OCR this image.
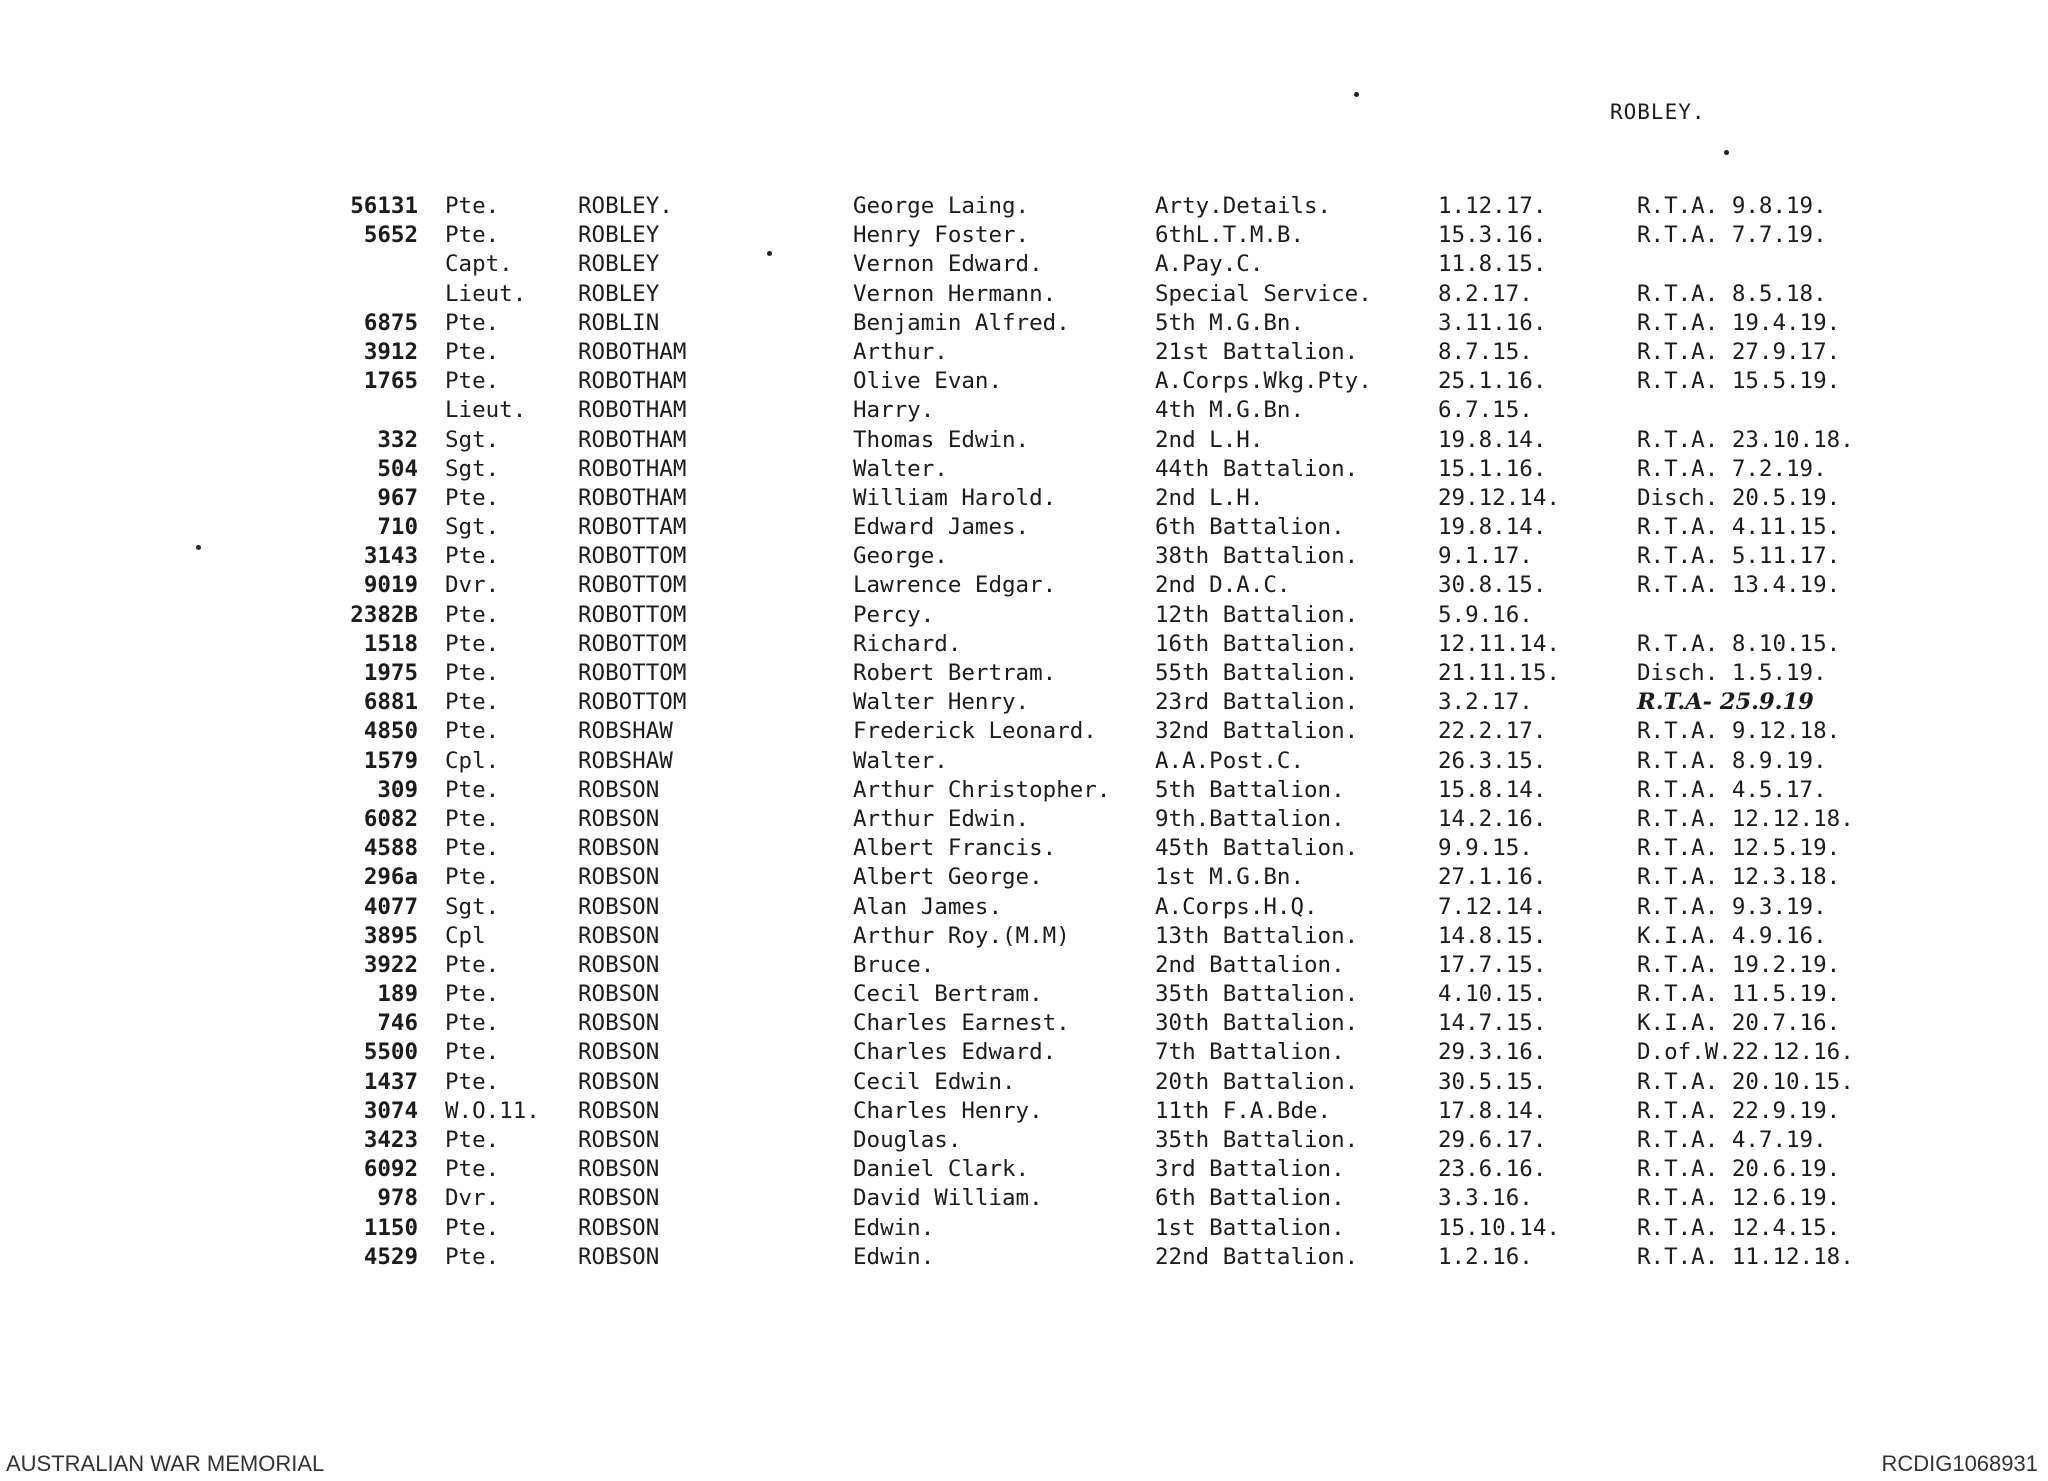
ROBLEY.
56131 Pte.	ROBLEY.	George Laing.	Arty.Details.	1.12.17.	R.T.A. 9.8.19.
5652 Pte.	ROBLEY	Henry Foster.	6thL.T.M.B.	15.3.16.	R.T.A. 7.7.19.
Capt.	ROBLEY	Vernon Edward.	A.Pay.C.	11.8.15.
Lieut. ROBLEY	Vernon Hermann.	Special Service.	8.2.17.	R.T.A. 8.5.18.
6875 Pte.	ROBLIN	Benjamin Alfred.	5th M.G.Bn.	3.11.16.	R.T.A. 19.4.19.
3912 Pte.	ROBOTHAM	Arthur.	21st Battalion.	8.7.15.	R.T.A. 27.9.17.
1765 Pte.	ROBOTHAM	Olive Evan.	A.Corps.Wkg.Pty.	25.1.16.	R.T.A. 15.5.19.
Lieut. ROBOTHAM	Harry.	4th M.G.Bn.	6.7.15.
332 Sgt.	ROBOTHAM	Thomas Edwin.	2nd L.H.	19.8.14.	R.T.A. 23.10.18.
504 Sgt.	ROBOTHAM	Walter.	44th Battalion.	15.1.16.	R.T.A. 7.2.19.
967 Pte.	ROBOTHAM	William Harold.	2nd L.H.	29.12.14.	Disch. 20.5.19.
710 Sgt.	ROBOTTAM	Edward James.	6th Battalion.	19.8.14.	R.T.A. 4.11.15.
3143 Pte.	ROBOTTOM	George.	38th Battalion.	9.1.17.	R.T.A. 5.11.17.
9019 Dvr.	ROBOTTOM	Lawrence Edgar.	2nd D.A.C.	30.8.15.	R.T.A. 13.4.19.
2382B Pte.	ROBOTTOM	Percy.	12th Battalion.	5.9.16.
1518 Pte.	ROBOTTOM	Richard.	16th Battalion.	12.11.14.	R.T.A. 8.10.15.
1975 Pte.	ROBOTTOM	Robert Bertram.	55th Battalion.	21.11.15.	Disch. 1.5.19.
6881 Pte.	ROBOTTOM	Walter Henry.	23rd Battalion.	3.2.17.	R.T.A- 25.9.19
4850 Pte.	ROBSHAW	Frederick Leonard.	32nd Battalion.	22.2.17.	R.T.A. 9.12.18.
1579 Cpl.	ROBSHAW	Walter.	A.A.Post.C.	26.3.15.	R.T.A. 8.9.19.
309 Pte.	ROBSON	Arthur Christopher. 5th Battalion.	15.8.14.	R.T.A. 4.5.17.
6082 Pte.	ROBSON	Arthur Edwin.	9th.Battalion.	14.2.16.	R.T.A. 12.12.18.
4588 Pte.	ROBSON	Albert Francis.	45th Battalion.	9.9.15.	R.T.A. 12.5.19.
296a Pte.	ROBSON	Albert George.	1st M.G.Bn.	27.1.16.	R.T.A. 12.3.18.
4077 Sgt.	ROBSON	Alan James.	A.Corps.H.Q.	7.12.14.	R.T.A. 9.3.19.
3895 Cpl	ROBSON	Arthur Roy.(M.M)	13th Battalion.	14.8.15.	K.I.A. 4.9.16.
3922 Pte.	ROBSON	Bruce.	2nd Battalion.	17.7.15.	R.T.A. 19.2.19.
189 Pte.	ROBSON	Cecil Bertram.	35th Battalion.	4.10.15.	R.T.A. 11.5.19.
746 Pte.	ROBSON	Charles Earnest.	30th Battalion.	14.7.15.	K.I.A. 20.7.16.
5500 Pte.	ROBSON	Charles Edward.	7th Battalion.	29.3.16.	D.of.W.22.12.16.
1437 Pte.	ROBSON	Cecil Edwin.	20th Battalion.	30.5.15.	R.T.A. 20.10.15.
3074 W.O.11. ROBSON	Charles Henry.	11th F.A.Bde.	17.8.14.	R.T.A. 22.9.19.
3423 Pte.	ROBSON	Douglas.	35th Battalion.	29.6.17.	R.T.A. 4.7.19.
6092 Pte.	ROBSON	Daniel Clark.	3rd Battalion.	23.6.16.	R.T.A. 20.6.19.
978 Dvr.	ROBSON	David William.	6th Battalion.	3.3.16.	R.T.A. 12.6.19.
1150 Pte.	ROBSON	Edwin.	1st Battalion.	15.10.14.	R.T.A. 12.4.15.
4529 Pte.	ROBSON	Edwin.	22nd Battalion.	1.2.16.	R.T.A. 11.12.18.
AUSTRALIAN WAR MEMORIAL	RCDIG1068931
